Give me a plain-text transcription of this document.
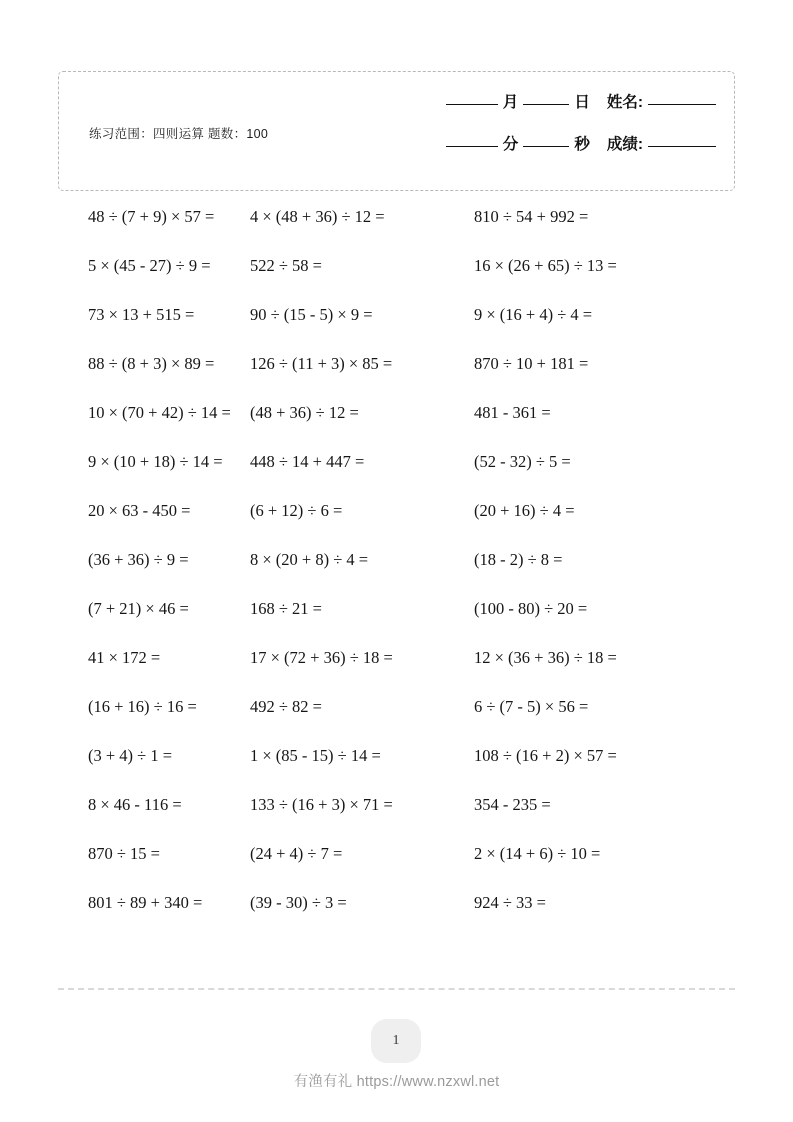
练习范围：四则运算 题数：100
月	日 姓名:
分	秒 成绩:
48 ÷ (7 + 9) × 57 =	4 × (48 + 36) ÷ 12 =	810 ÷ 54 + 992 =
5 × (45 - 27) ÷ 9 =	522 ÷ 58 =	16 × (26 + 65) ÷ 13 =
73 × 13 + 515 =	90 ÷ (15 - 5) × 9 =	9 × (16 + 4) ÷ 4 =
88 ÷ (8 + 3) × 89 =	126 ÷ (11 + 3) × 85 =	870 ÷ 10 + 181 =
10 × (70 + 42) ÷ 14 =	(48 + 36) ÷ 12 =	481 - 361 =
9 × (10 + 18) ÷ 14 =	448 ÷ 14 + 447 =	(52 - 32) ÷ 5 =
20 × 63 - 450 =	(6 + 12) ÷ 6 =	(20 + 16) ÷ 4 =
(36 + 36) ÷ 9 =	8 × (20 + 8) ÷ 4 =	(18 - 2) ÷ 8 =
(7 + 21) × 46 =	168 ÷ 21 =	(100 - 80) ÷ 20 =
41 × 172 =	17 × (72 + 36) ÷ 18 =	12 × (36 + 36) ÷ 18 =
(16 + 16) ÷ 16 =	492 ÷ 82 =	6 ÷ (7 - 5) × 56 =
(3 + 4) ÷ 1 =	1 × (85 - 15) ÷ 14 =	108 ÷ (16 + 2) × 57 =
8 × 46 - 116 =	133 ÷ (16 + 3) × 71 =	354 - 235 =
870 ÷ 15 =	(24 + 4) ÷ 7 =	2 × (14 + 6) ÷ 10 =
801 ÷ 89 + 340 =	(39 - 30) ÷ 3 =	924 ÷ 33 =
1
有渔有礼 https://www.nzxwl.net
